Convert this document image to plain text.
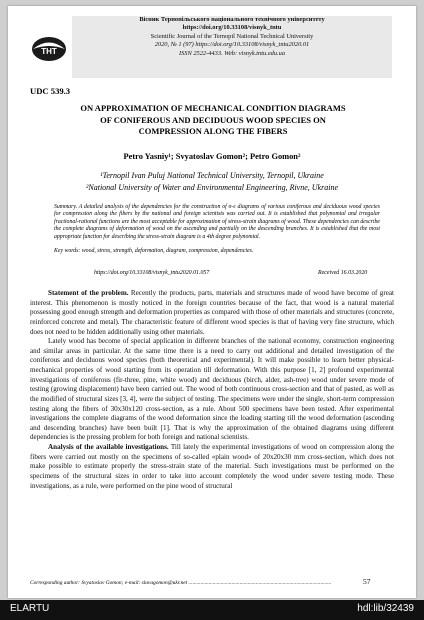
THT
Вісник Тернопільського національного технічного університету
https://doi.org/10.33108/visnyk_tntu
Scientific Journal of the Ternopil National Technical University
2020, № 1 (97) https://doi.org/10.33108/visnyk_tntu2020.01
ISSN 2522-4433. Web: visnyk.tntu.edu.ua
UDC 539.3
ON APPROXIMATION OF MECHANICAL CONDITION DIAGRAMS
OF CONIFEROUS AND DECIDUOUS WOOD SPECIES ON
COMPRESSION ALONG THE FIBERS
Petro Yasniy¹; Svyatoslav Gomon²; Petro Gomon²
¹Ternopil Ivan Puluj National Technical University, Ternopil, Ukraine
²National University of Water and Environmental Engineering, Rivne, Ukraine
Summary. A detailed analysis of the dependencies for the construction of σ-ε diagrams of various coniferous and deciduous wood species for compression along the fibers by the national and foreign scientists was carried out. It is established that polynomial and irregular fractional-rational functions are the most acceptable for approximation of stress-strain diagrams of wood. These dependencies can describe the complete diagrams of deformation of wood on the ascending and partially on the descending branches. It is established that the most appropriate function for describing the stress-strain diagram is a 4th degree polynomial.
Key words: wood, stress, strength, deformation, diagram, compression, dependencies.
https://doi.org/10.33108/visnyk_tntu2020.01.057	Received 16.03.2020

Statement of the problem. Recently the products, parts, materials and structures made of wood have become of great interest. This phenomenon is mostly noticed in the foreign countries because of the fact, that wood is a natural material possessing good enough strength and deformation properties as compared with those of other materials and structures (concrete, reinforced concrete and metal). The characteristic feature of different wood species is that of having very fine structure, which does not need to be hidden additionally using other materials.

Lately wood has become of special application in different branches of the national economy, construction engineering and similar areas in particular. At the same time there is a need to carry out additional and detailed investigation of the coniferous and deciduous wood species (both theoretical and experimental). It will make possible to learn better physical-mechanical properties of wood starting from its operation till deformation. With this purpose [1, 2] profound experimental investigations of coniferous (fir-three, pine, white wood) and deciduous (birch, alder, ash-tree) wood under severe mode of testing (growing displacement) have been carried out. The wood of both continuous cross-section and that of pasted, as well as the modified of structural sizes [3, 4], were the subject of testing. The specimens were under the single, short-term compression testing along the fibers of 30x30x120 cross-section, as a rule. About 500 specimens have been tested. After experimental investigations the complete diagrams of the wood deformation since the loading starting till the wood deformation (ascending and descending branches) have been built [1]. That is why the approximation of the obtained diagrams using different dependencies is the pressing problem for both foreign and national scientists.

Analysis of the available investigations. Till lately the experimental investigations of wood on compression along the fibers were carried out mostly on the specimens of so-called «plain wood» of 20x20x30 mm cross-section, which does not make possible to estimate properly the stress-strain state of the material. Such investigations must be performed on the specimens of the structural sizes in order to take into account completely the wood under severe testing mode. These investigations, as a rule, were performed on the pine wood of structural

Corresponding author: Svyatoslav Gomon; e-mail: slavagomon@ukr.net ..........................................................................................................	57
ELARTU	hdl:lib/32439
